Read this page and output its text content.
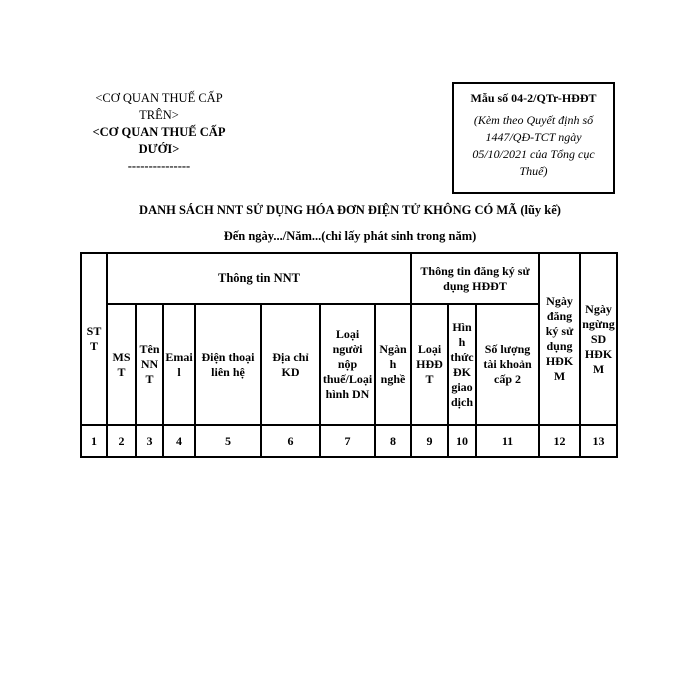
<CƠ QUAN THUẾ CẤP TRÊN>
<CƠ QUAN THUẾ CẤP DƯỚI>
---------------
Mẫu số 04-2/QTr-HĐĐT
(Kèm theo Quyết định số 1447/QĐ-TCT ngày 05/10/2021 của Tổng cục Thuế)
DANH SÁCH NNT SỬ DỤNG HÓA ĐƠN ĐIỆN TỬ KHÔNG CÓ MÃ (lũy kế)
Đến ngày.../Năm...(chỉ lấy phát sinh trong năm)
STT	Thông tin NNT							Thông tin đăng ký sử dụng HĐĐT			Ngày đăng ký sử dụng HĐKM	Ngày ngừng SD HĐKM
	MST	Tên NNT	Email	Điện thoại liên hệ	Địa chỉ KD	Loại người nộp thuế/Loại hình DN	Ngành nghề	Loại HĐĐT	Hình thức ĐK giao dịch	Số lượng tài khoản cấp 2		
1	2	3	4	5	6	7	8	9	10	11	12	13
